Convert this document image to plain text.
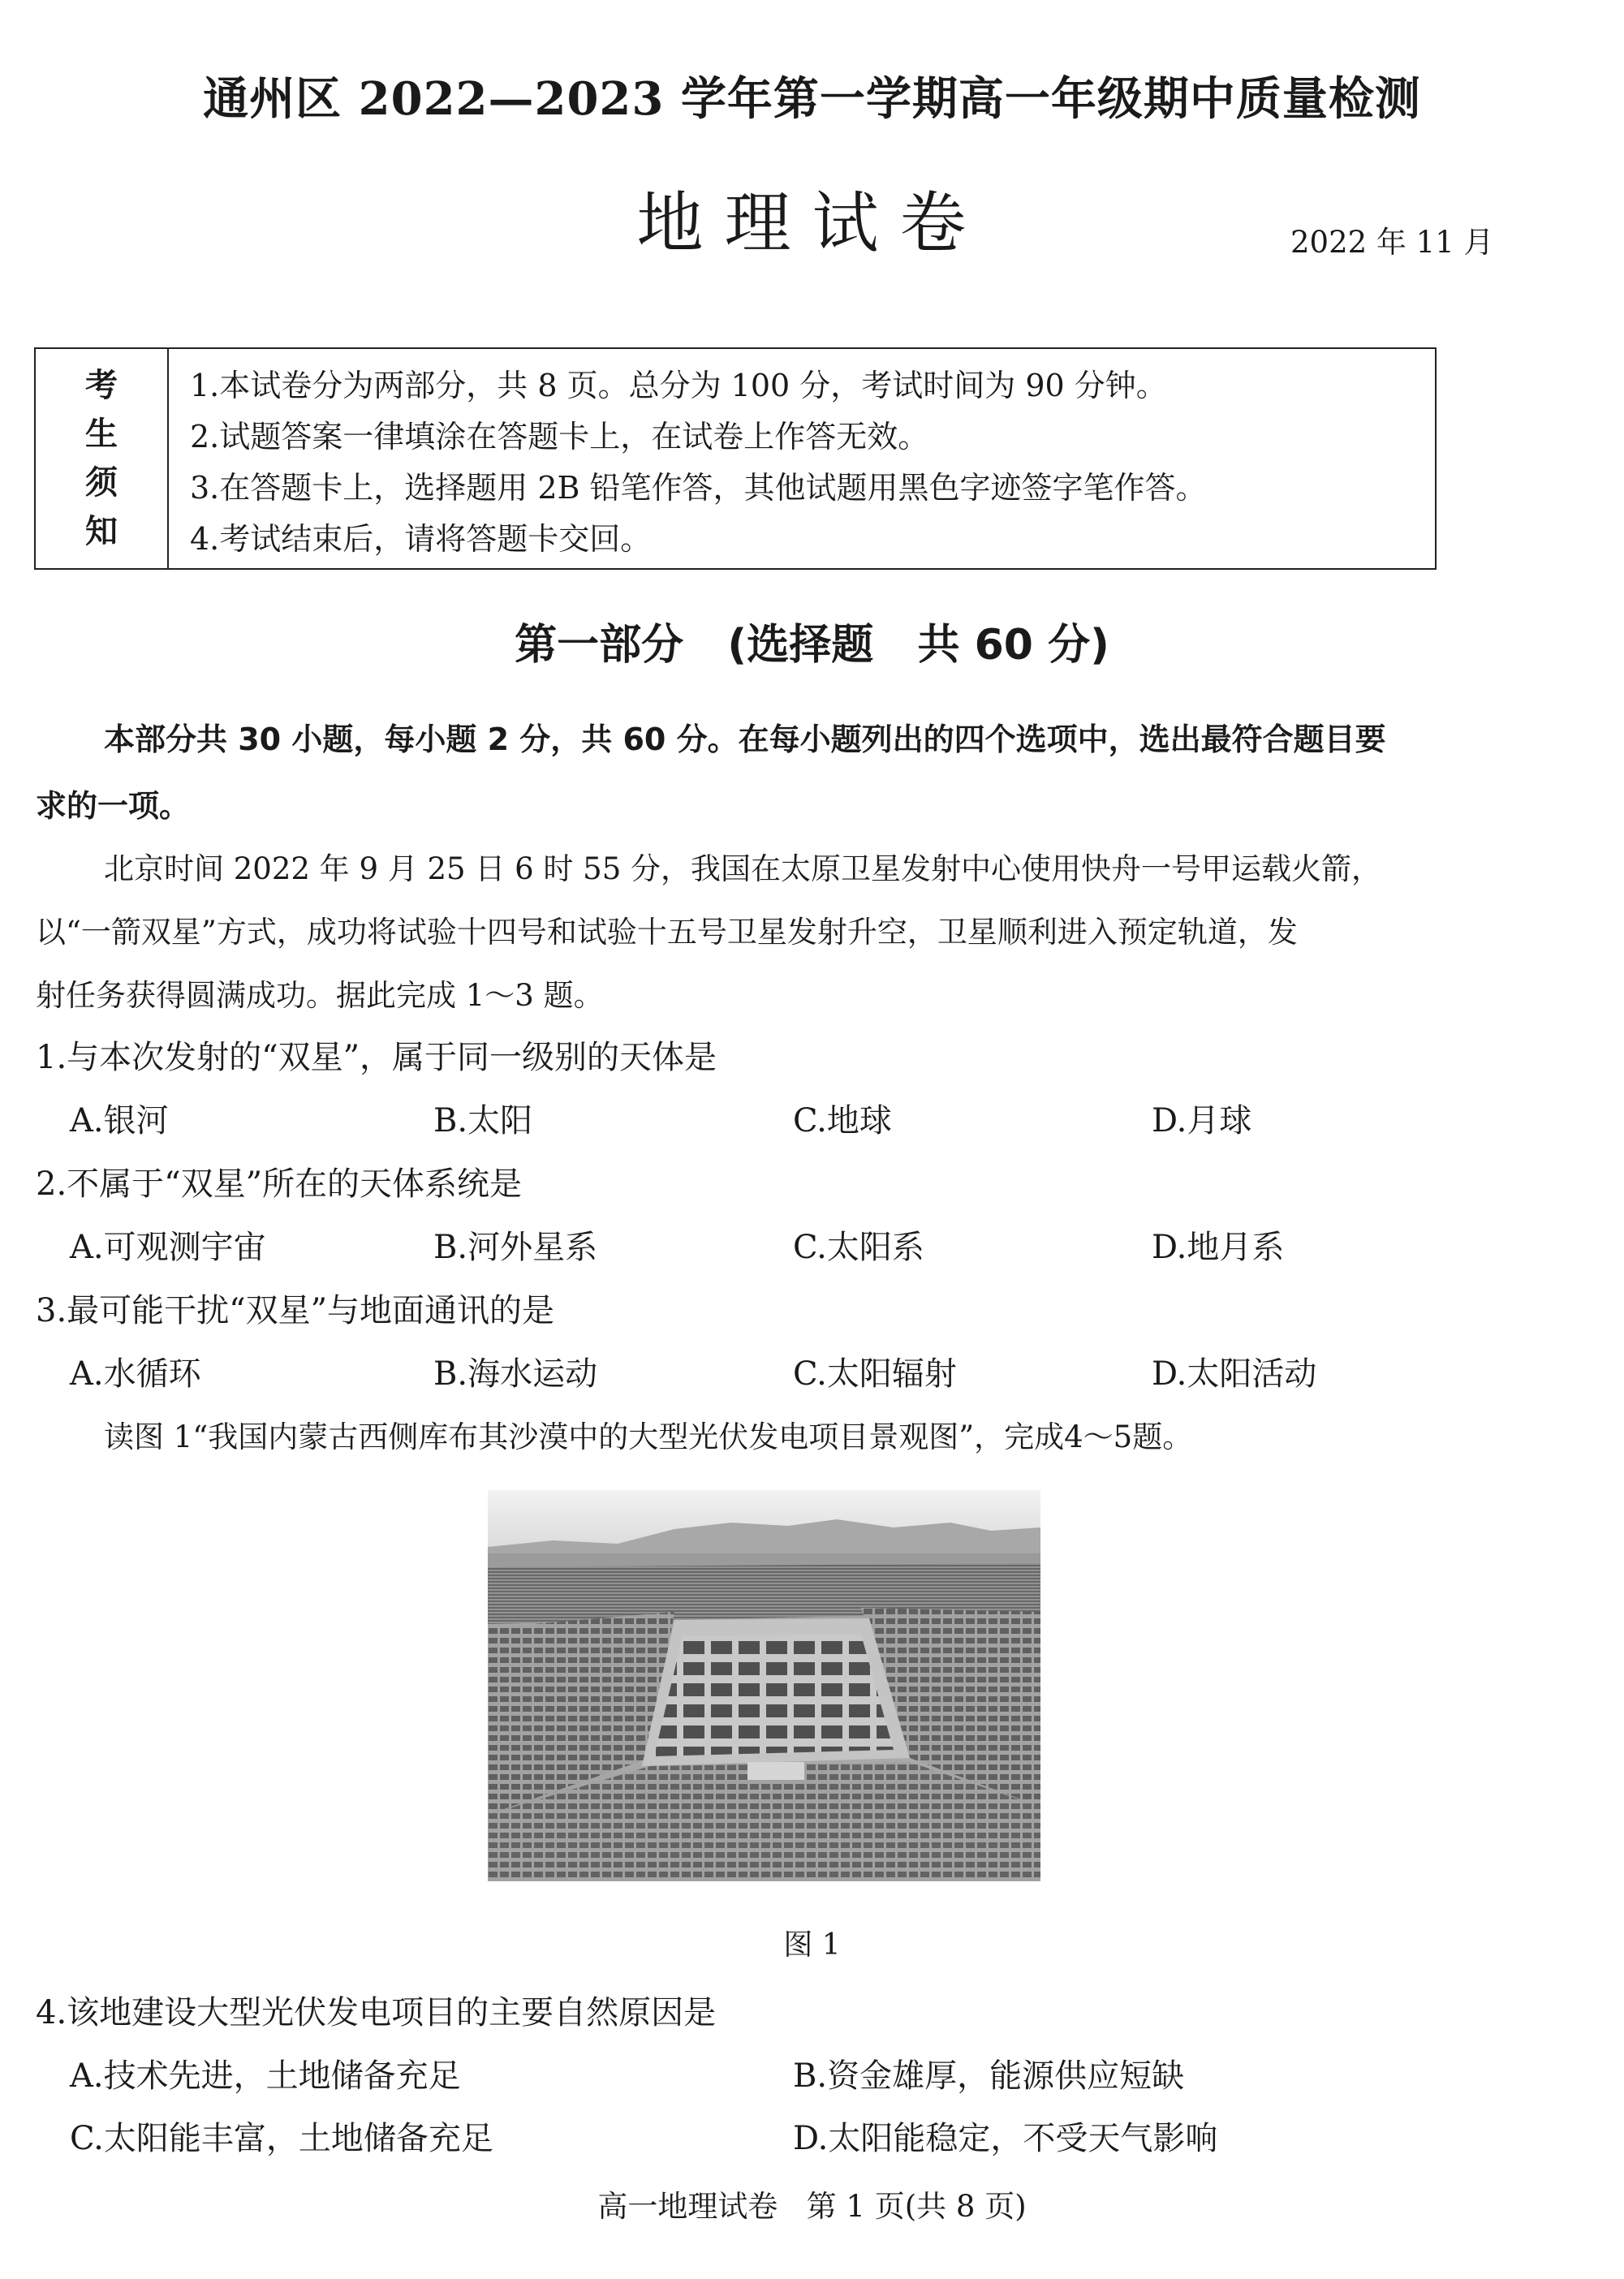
通州区 2022—2023 学年第一学期高一年级期中质量检测
地理试卷	2022 年 11 月
考
生
须
知
1.本试卷分为两部分，共 8 页。总分为 100 分，考试时间为 90 分钟。
2.试题答案一律填涂在答题卡上，在试卷上作答无效。
3.在答题卡上，选择题用 2B 铅笔作答，其他试题用黑色字迹签字笔作答。
4.考试结束后，请将答题卡交回。
第一部分   (选择题   共 60 分)
本部分共 30 小题，每小题 2 分，共 60 分。在每小题列出的四个选项中，选出最符合题目要
求的一项。
北京时间 2022 年 9 月 25 日 6 时 55 分，我国在太原卫星发射中心使用快舟一号甲运载火箭，
以“一箭双星”方式，成功将试验十四号和试验十五号卫星发射升空，卫星顺利进入预定轨道，发
射任务获得圆满成功。据此完成 1～3 题。
1.与本次发射的“双星”，属于同一级别的天体是
A.银河	B.太阳	C.地球	D.月球
2.不属于“双星”所在的天体系统是
A.可观测宇宙	B.河外星系	C.太阳系	D.地月系
3.最可能干扰“双星”与地面通讯的是
A.水循环	B.海水运动	C.太阳辐射	D.太阳活动
读图 1“我国内蒙古西侧库布其沙漠中的大型光伏发电项目景观图”，完成4～5题。
图 1
4.该地建设大型光伏发电项目的主要自然原因是
A.技术先进，土地储备充足	B.资金雄厚，能源供应短缺
C.太阳能丰富，土地储备充足	D.太阳能稳定，不受天气影响
高一地理试卷   第 1 页(共 8 页)
